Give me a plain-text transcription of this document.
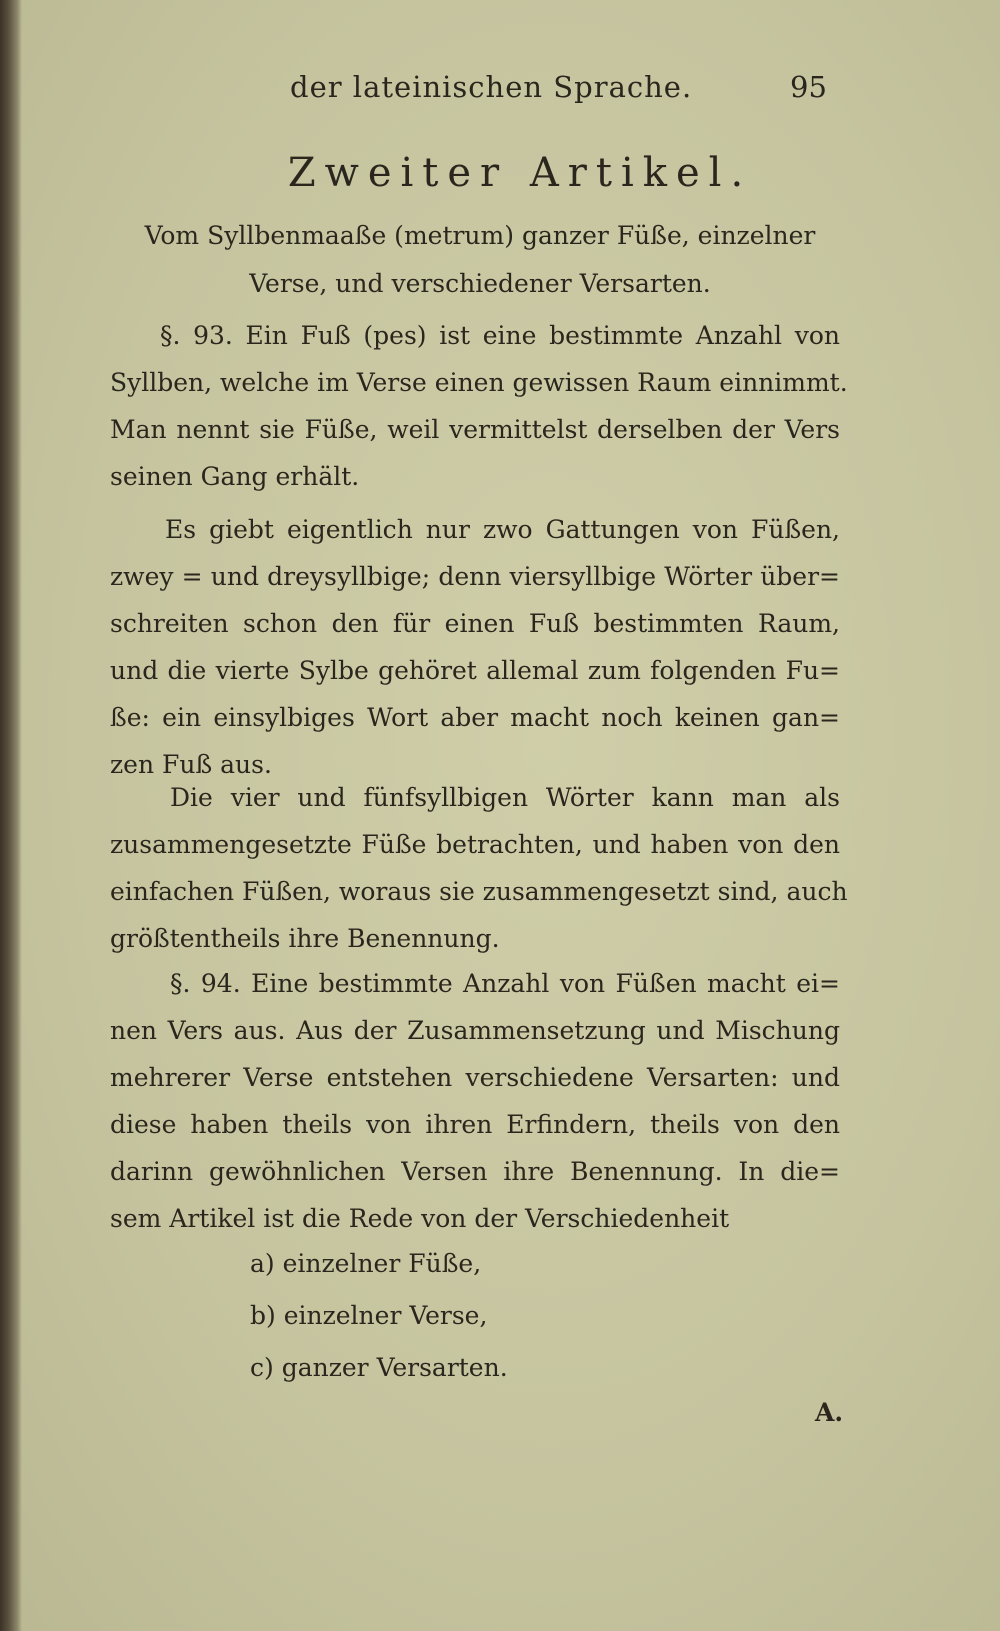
der lateinischen Sprache.	95
Zweiter Artikel.
Vom Syllbenmaaße (metrum) ganzer Füße, einzelner
Verse, und verschiedener Versarten.
§. 93. Ein Fuß (pes) ist eine bestimmte Anzahl von
Syllben, welche im Verse einen gewissen Raum einnimmt.
Man nennt sie Füße, weil vermittelst derselben der Vers
seinen Gang erhält.
Es giebt eigentlich nur zwo Gattungen von Füßen,
zwey = und dreysyllbige; denn viersyllbige Wörter über=
schreiten schon den für einen Fuß bestimmten Raum,
und die vierte Sylbe gehöret allemal zum folgenden Fu=
ße: ein einsylbiges Wort aber macht noch keinen gan=
zen Fuß aus.
Die vier und fünfsyllbigen Wörter kann man als
zusammengesetzte Füße betrachten, und haben von den
einfachen Füßen, woraus sie zusammengesetzt sind, auch
größtentheils ihre Benennung.
§. 94. Eine bestimmte Anzahl von Füßen macht ei=
nen Vers aus. Aus der Zusammensetzung und Mischung
mehrerer Verse entstehen verschiedene Versarten: und
diese haben theils von ihren Erfindern, theils von den
darinn gewöhnlichen Versen ihre Benennung. In die=
sem Artikel ist die Rede von der Verschiedenheit
a) einzelner Füße,
b) einzelner Verse,
c) ganzer Versarten.
A.
